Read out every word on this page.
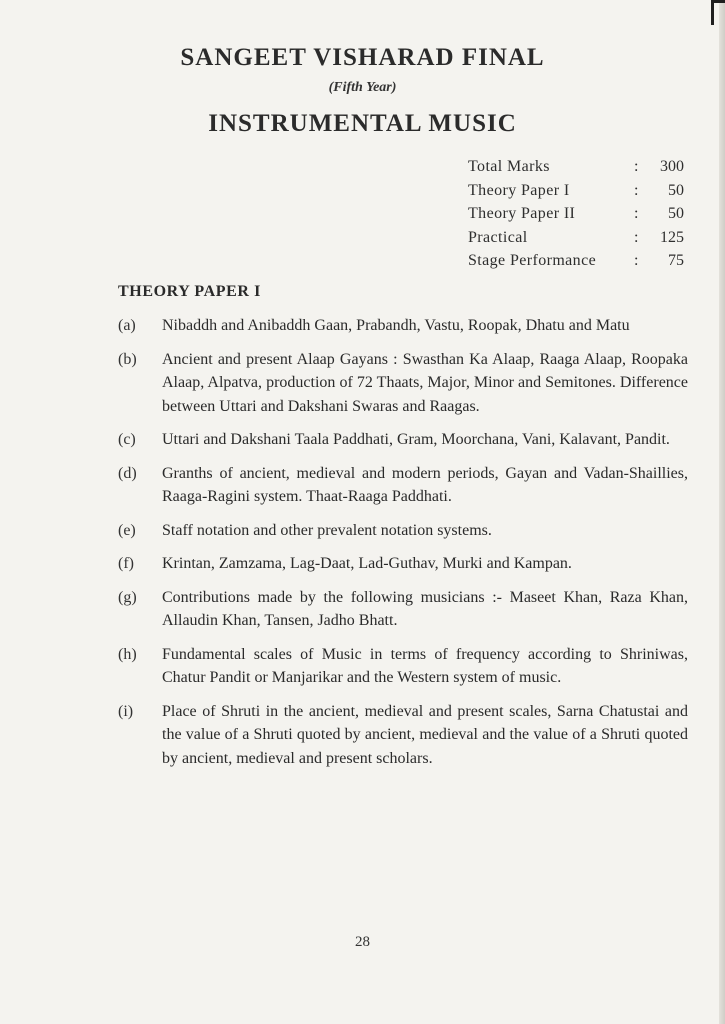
SANGEET VISHARAD FINAL
(Fifth Year)
INSTRUMENTAL MUSIC
Total Marks	:	300
Theory Paper I	:	50
Theory Paper II	:	50
Practical	:	125
Stage Performance	:	75
THEORY PAPER I
(a)	Nibaddh and Anibaddh Gaan, Prabandh, Vastu, Roopak, Dhatu and Matu
(b)	Ancient and present Alaap Gayans : Swasthan Ka Alaap, Raaga Alaap, Roopaka Alaap, Alpatva, production of 72 Thaats, Major, Minor and Semitones. Difference between Uttari and Dakshani Swaras and Raagas.
(c)	Uttari and Dakshani Taala Paddhati, Gram, Moorchana, Vani, Kalavant, Pandit.
(d)	Granths of ancient, medieval and modern periods, Gayan and Vadan-Shaillies, Raaga-Ragini system. Thaat-Raaga Paddhati.
(e)	Staff notation and other prevalent notation systems.
(f)	Krintan, Zamzama, Lag-Daat, Lad-Guthav, Murki and Kampan.
(g)	Contributions made by the following musicians :- Maseet Khan, Raza Khan, Allaudin Khan, Tansen, Jadho Bhatt.
(h)	Fundamental scales of Music in terms of frequency according to Shriniwas, Chatur Pandit or Manjarikar and the Western system of music.
(i)	Place of Shruti in the ancient, medieval and present scales, Sarna Chatustai and the value of a Shruti quoted by ancient, medieval and the value of a Shruti quoted by ancient, medieval and present scholars.
28
